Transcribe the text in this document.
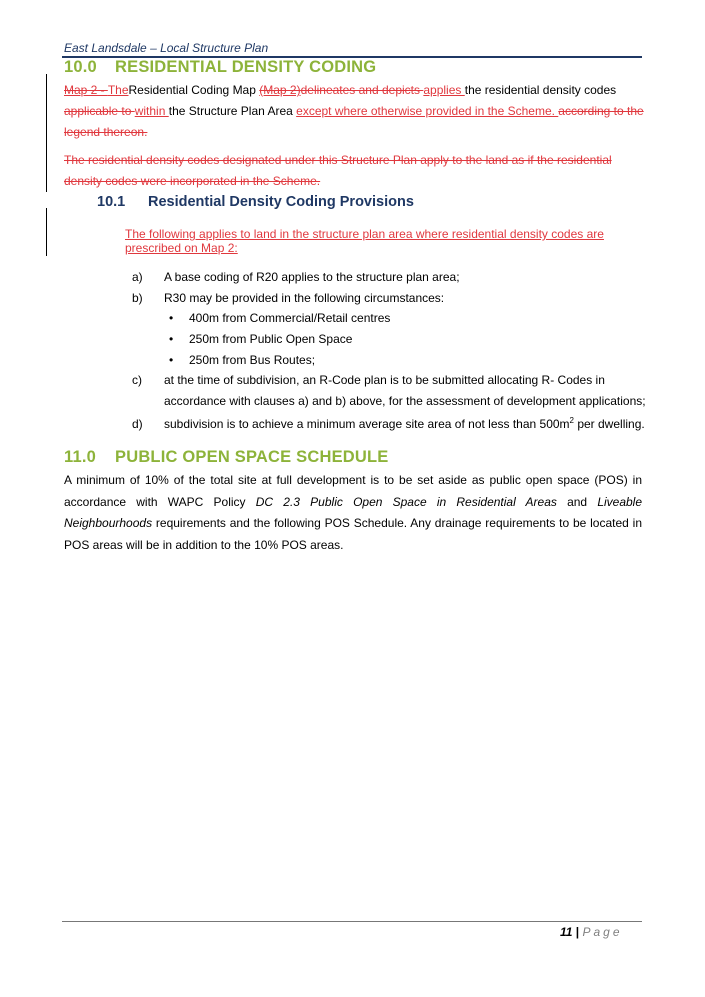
East Landsdale – Local Structure Plan
10.0 RESIDENTIAL DENSITY CODING
Map 2 - TheResidential Coding Map (Map 2)delineates and depicts applies the residential density codes
applicable to within the Structure Plan Area except where otherwise provided in the Scheme. according to the
legend thereon.
The residential density codes designated under this Structure Plan apply to the land as if the residential density codes were incorporated in the Scheme.
10.1 Residential Density Coding Provisions
The following applies to land in the structure plan area where residential density codes are prescribed on Map 2:
a) A base coding of R20 applies to the structure plan area;
b) R30 may be provided in the following circumstances:
• 400m from Commercial/Retail centres
• 250m from Public Open Space
• 250m from Bus Routes;
c) at the time of subdivision, an R-Code plan is to be submitted allocating R- Codes in
accordance with clauses a) and b) above, for the assessment of development applications;
d) subdivision is to achieve a minimum average site area of not less than $500m^2$ per dwelling.
11.0 PUBLIC OPEN SPACE SCHEDULE
A minimum of 10% of the total site at full development is to be set aside as public open space (POS) in accordance with WAPC Policy DC 2.3 Public Open Space in Residential Areas and Liveable Neighbourhoods requirements and the following POS Schedule. Any drainage requirements to be located in POS areas will be in addition to the 10% POS areas.
11 | Page
